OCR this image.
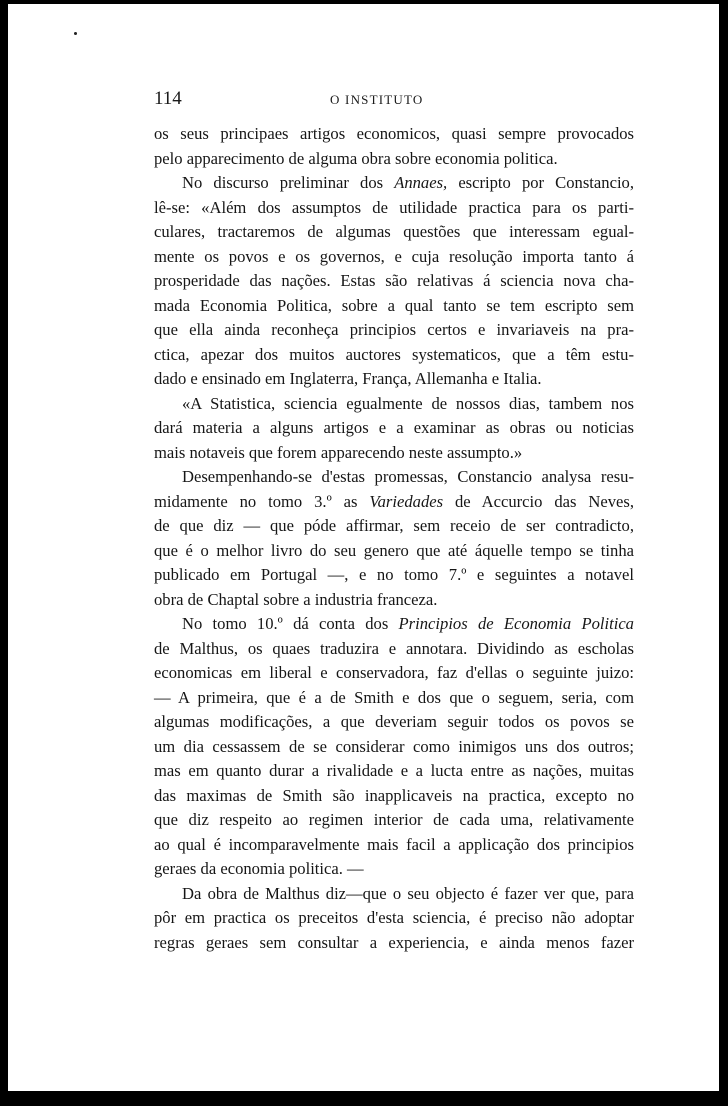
114	O INSTITUTO
os seus principaes artigos economicos, quasi sempre provocados
pelo apparecimento de alguma obra sobre economia politica.
No discurso preliminar dos Annaes, escripto por Constancio,
lê-se: «Além dos assumptos de utilidade practica para os parti-
culares, tractaremos de algumas questões que interessam egual-
mente os povos e os governos, e cuja resolução importa tanto á
prosperidade das nações. Estas são relativas á sciencia nova cha-
mada Economia Politica, sobre a qual tanto se tem escripto sem
que ella ainda reconheça principios certos e invariaveis na pra-
ctica, apezar dos muitos auctores systematicos, que a têm estu-
dado e ensinado em Inglaterra, França, Allemanha e Italia.
«A Statistica, sciencia egualmente de nossos dias, tambem nos
dará materia a alguns artigos e a examinar as obras ou noticias
mais notaveis que forem apparecendo neste assumpto.»
Desempenhando-se d'estas promessas, Constancio analysa resu-
midamente no tomo 3.º as Variedades de Accurcio das Neves,
de que diz — que póde affirmar, sem receio de ser contradicto,
que é o melhor livro do seu genero que até áquelle tempo se tinha
publicado em Portugal —, e no tomo 7.º e seguintes a notavel
obra de Chaptal sobre a industria franceza.
No tomo 10.º dá conta dos Principios de Economia Politica
de Malthus, os quaes traduzira e annotara. Dividindo as escholas
economicas em liberal e conservadora, faz d'ellas o seguinte juizo:
— A primeira, que é a de Smith e dos que o seguem, seria, com
algumas modificações, a que deveriam seguir todos os povos se
um dia cessassem de se considerar como inimigos uns dos outros;
mas em quanto durar a rivalidade e a lucta entre as nações, muitas
das maximas de Smith são inapplicaveis na practica, excepto no
que diz respeito ao regimen interior de cada uma, relativamente
ao qual é incomparavelmente mais facil a applicação dos principios
geraes da economia politica. —
Da obra de Malthus diz—que o seu objecto é fazer ver que, para
pôr em practica os preceitos d'esta sciencia, é preciso não adoptar
regras geraes sem consultar a experiencia, e ainda menos fazer
